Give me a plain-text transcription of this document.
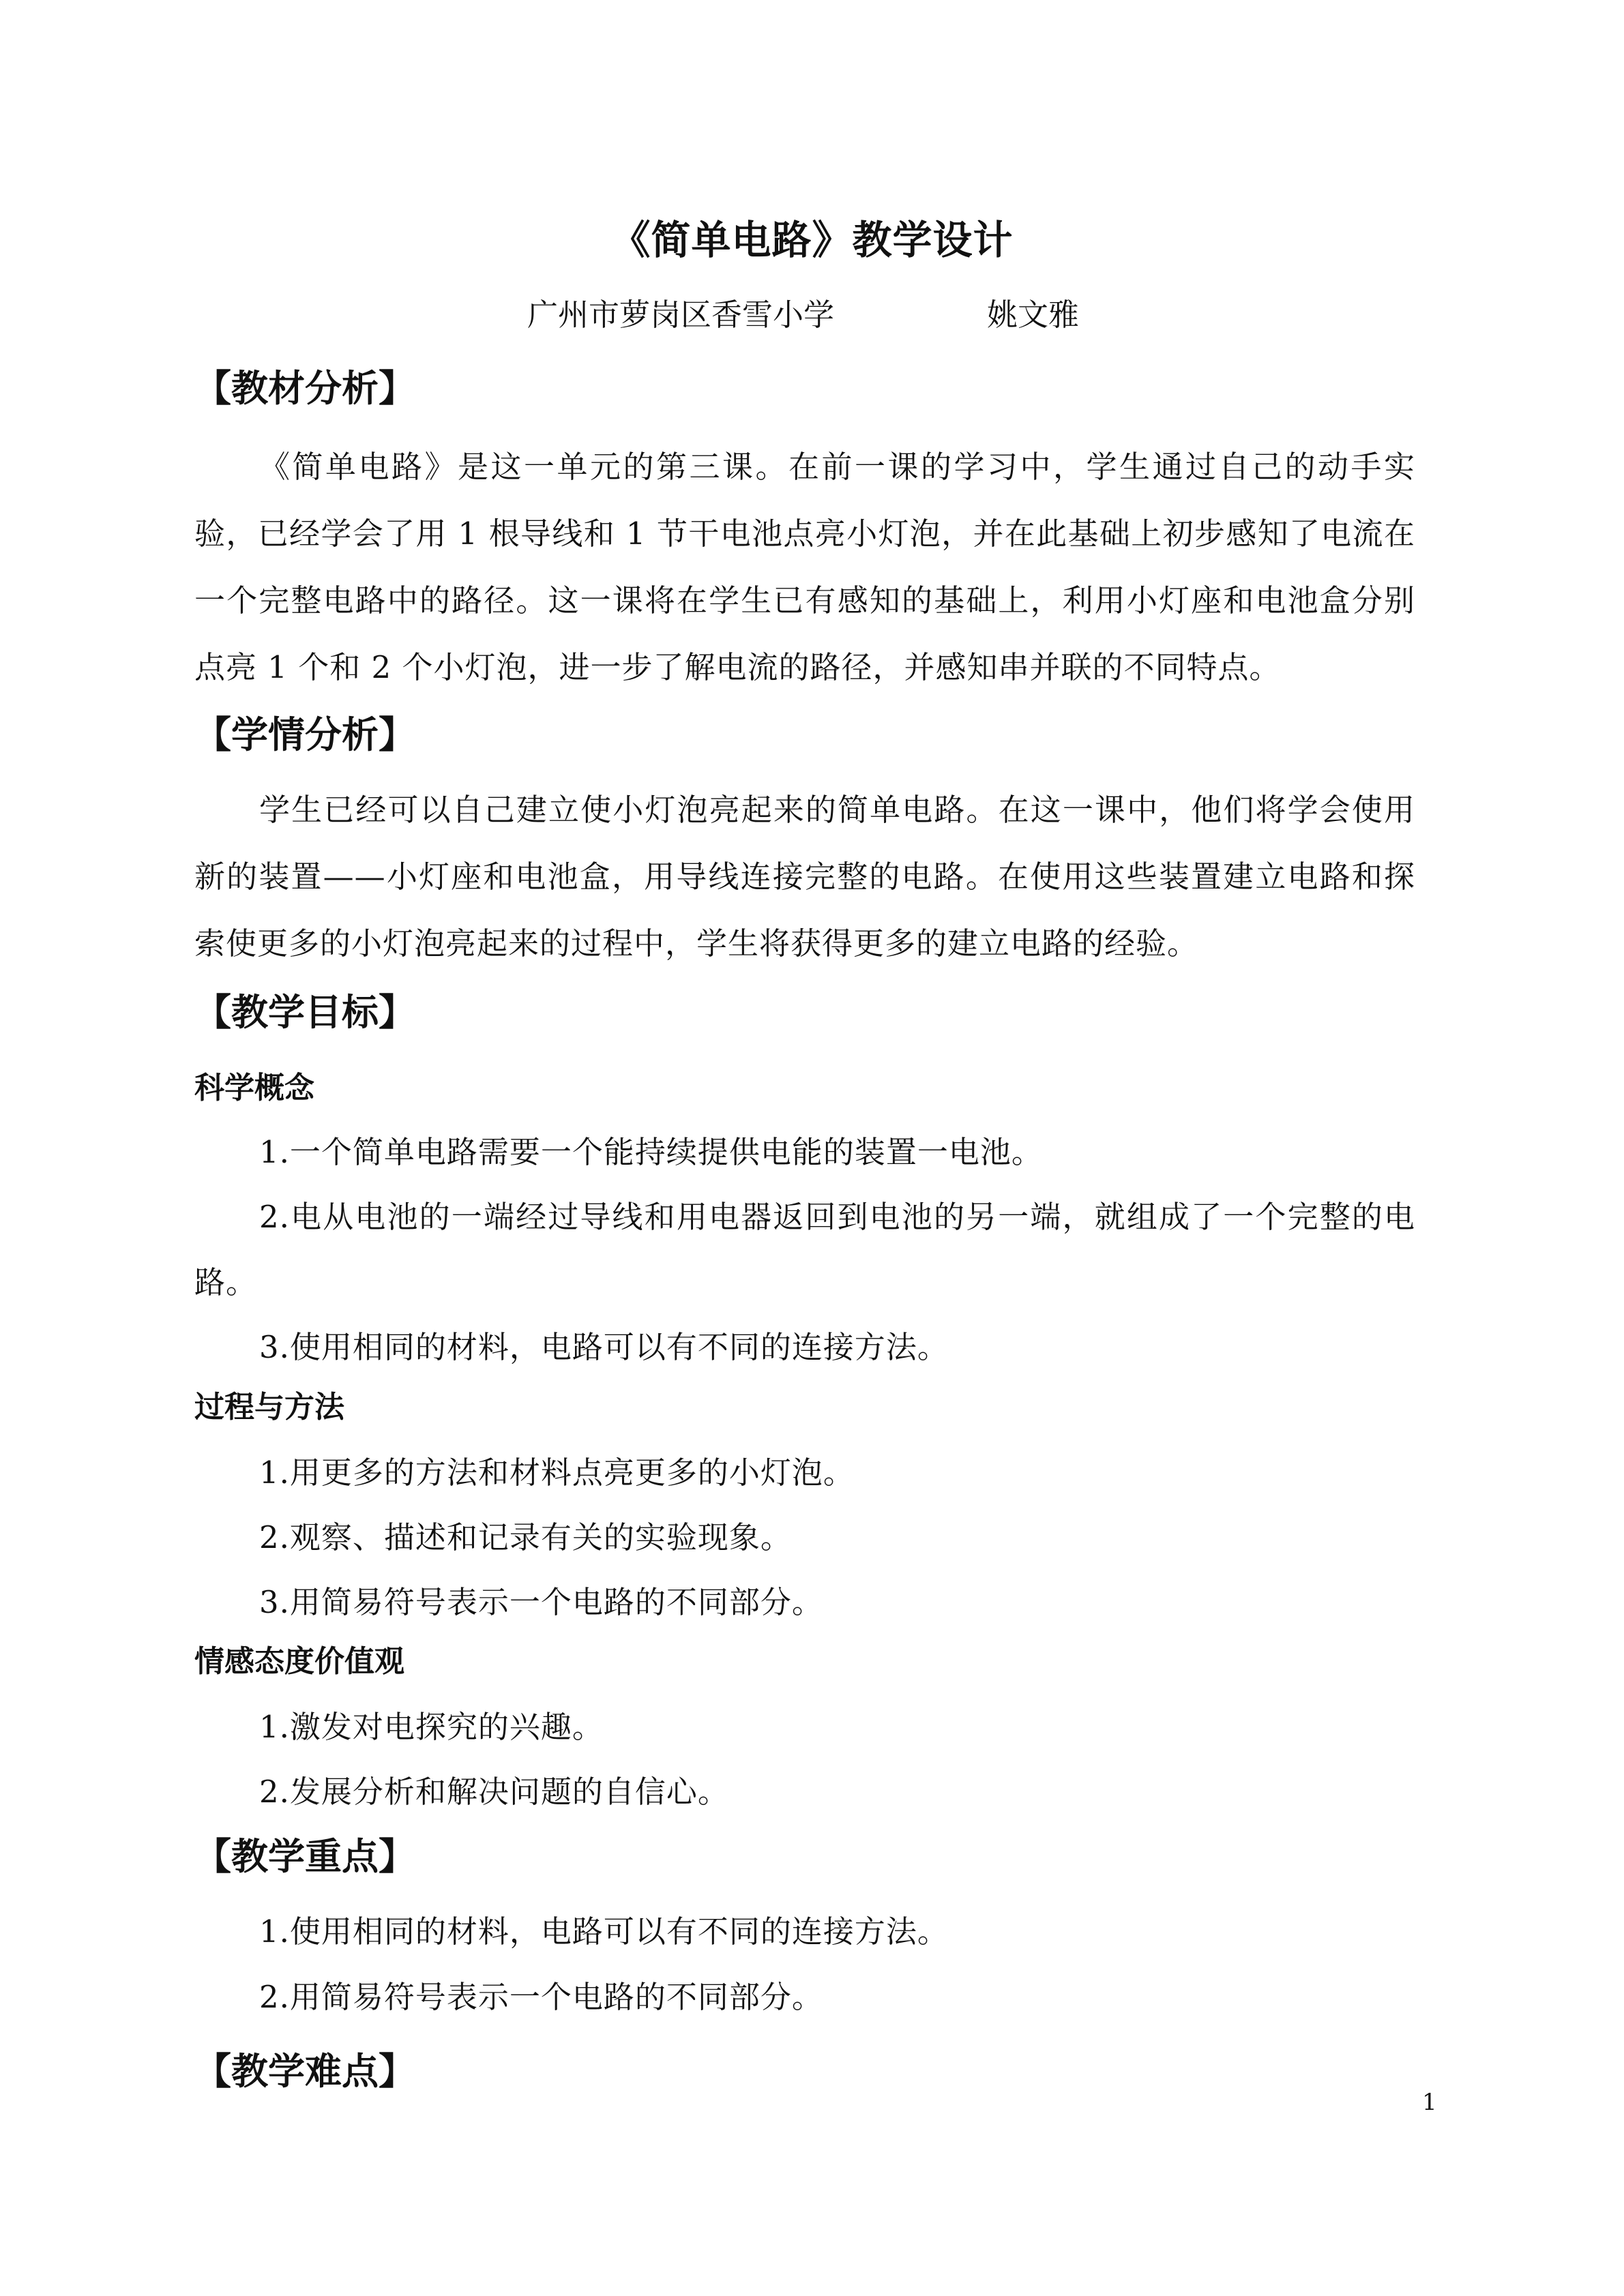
《简单电路》教学设计
广州市萝岗区香雪小学	姚文雅
【教材分析】

《简单电路》是这一单元的第三课。在前一课的学习中，学生通过自己的动手实验，已经学会了用 1 根导线和 1 节干电池点亮小灯泡，并在此基础上初步感知了电流在一个完整电路中的路径。这一课将在学生已有感知的基础上，利用小灯座和电池盒分别点亮 1 个和 2 个小灯泡，进一步了解电流的路径，并感知串并联的不同特点。

【学情分析】

学生已经可以自己建立使小灯泡亮起来的简单电路。在这一课中，他们将学会使用新的装置——小灯座和电池盒，用导线连接完整的电路。在使用这些装置建立电路和探索使更多的小灯泡亮起来的过程中，学生将获得更多的建立电路的经验。

【教学目标】
科学概念

1.一个简单电路需要一个能持续提供电能的装置一电池。

2.电从电池的一端经过导线和用电器返回到电池的另一端，就组成了一个完整的电路。

3.使用相同的材料，电路可以有不同的连接方法。

过程与方法

1.用更多的方法和材料点亮更多的小灯泡。

2.观察、描述和记录有关的实验现象。

3.用简易符号表示一个电路的不同部分。

情感态度价值观

1.激发对电探究的兴趣。

2.发展分析和解决问题的自信心。

【教学重点】

1.使用相同的材料，电路可以有不同的连接方法。

2.用简易符号表示一个电路的不同部分。

【教学难点】
1
